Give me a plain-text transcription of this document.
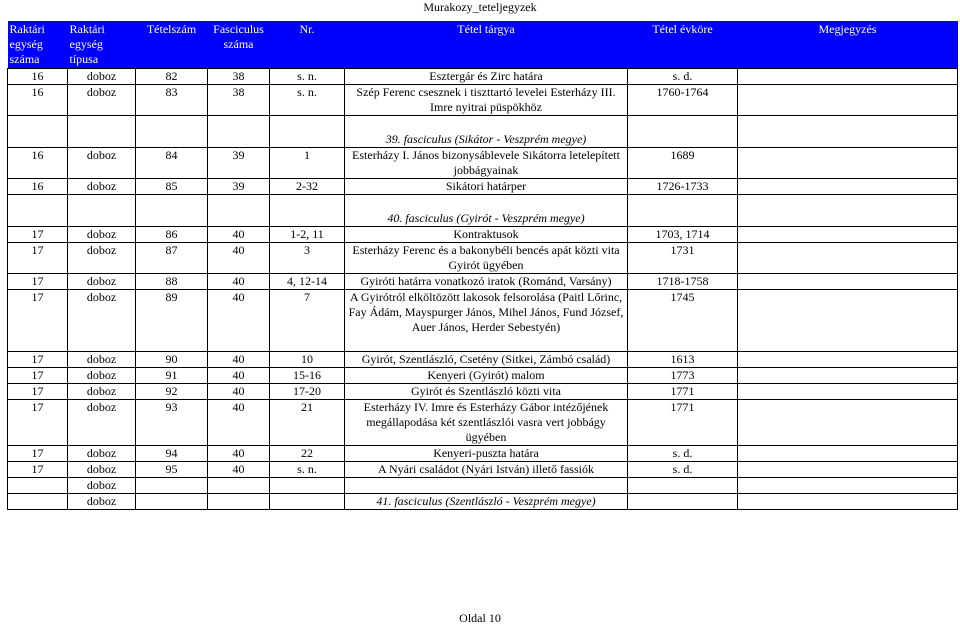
Murakozy_teteljegyzek
Raktári egység száma	Raktári egység típusa	Tételszám	Fasciculus száma	Nr.	Tétel tárgya	Tétel évköre	Megjegyzés
16	doboz	82	38	s. n.	Esztergár és Zirc határa	s. d.	
16	doboz	83	38	s. n.	Szép Ferenc csesznek i tiszttartó levelei Esterházy III. Imre nyitrai püspökhöz	1760-1764	
					39. fasciculus (Sikátor - Veszprém megye)		
16	doboz	84	39	1	Esterházy I. János bizonysáblevele Sikátorra letelepített jobbágyainak	1689	
16	doboz	85	39	2-32	Sikátori határper	1726-1733	
					40. fasciculus (Gyirót - Veszprém megye)		
17	doboz	86	40	1-2, 11	Kontraktusok	1703, 1714	
17	doboz	87	40	3	Esterházy Ferenc és a bakonybéli bencés apát közti vita Gyirót ügyében	1731	
17	doboz	88	40	4, 12-14	Gyiróti határra vonatkozó iratok (Románd, Varsány)	1718-1758	
17	doboz	89	40	7	A Gyirótról elköltözött lakosok felsorolása (Paitl Lőrinc, Fay Ádám, Mayspurger János, Mihel János, Fund József, Auer János, Herder Sebestyén)	1745	
17	doboz	90	40	10	Gyirót, Szentlászló, Csetény (Sitkei, Zámbó család)	1613	
17	doboz	91	40	15-16	Kenyeri (Gyirót) malom	1773	
17	doboz	92	40	17-20	Gyirót és Szentlászló közti vita	1771	
17	doboz	93	40	21	Esterházy IV. Imre és Esterházy Gábor intézőjének megállapodása két szentlászlói vasra vert jobbágy ügyében	1771	
17	doboz	94	40	22	Kenyeri-puszta határa	s. d.	
17	doboz	95	40	s. n.	A Nyári családot (Nyári István) illető fassiók	s. d.	
	doboz						
	doboz				41. fasciculus (Szentlászló - Veszprém megye)		
Oldal 10
